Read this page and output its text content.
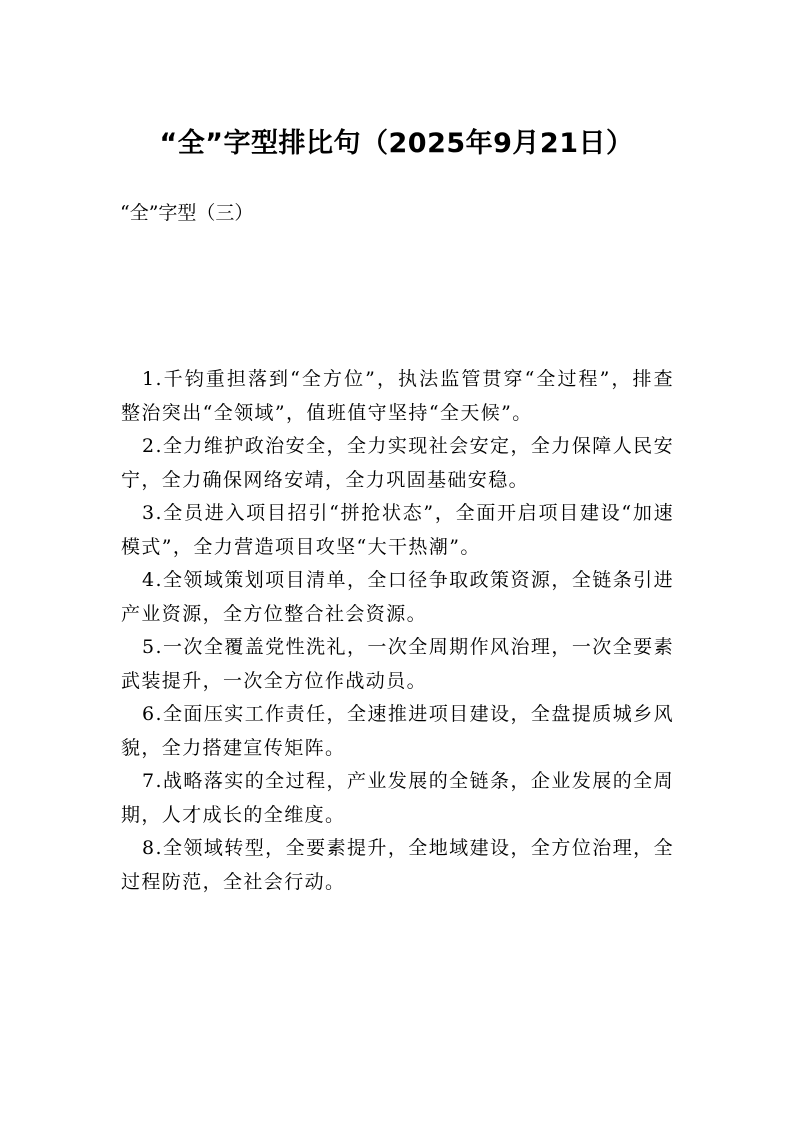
“全”字型排比句（2025年9月21日）
“全”字型（三）

1.千钧重担落到“全方位”，执法监管贯穿“全过程”，排查整治突出“全领域”，值班值守坚持“全天候”。

2.全力维护政治安全，全力实现社会安定，全力保障人民安宁，全力确保网络安靖，全力巩固基础安稳。

3.全员进入项目招引“拼抢状态”，全面开启项目建设“加速模式”，全力营造项目攻坚“大干热潮”。

4.全领域策划项目清单，全口径争取政策资源，全链条引进产业资源，全方位整合社会资源。

5.一次全覆盖党性洗礼，一次全周期作风治理，一次全要素武装提升，一次全方位作战动员。

6.全面压实工作责任，全速推进项目建设，全盘提质城乡风貌，全力搭建宣传矩阵。

7.战略落实的全过程，产业发展的全链条，企业发展的全周期，人才成长的全维度。

8.全领域转型，全要素提升，全地域建设，全方位治理，全过程防范，全社会行动。
